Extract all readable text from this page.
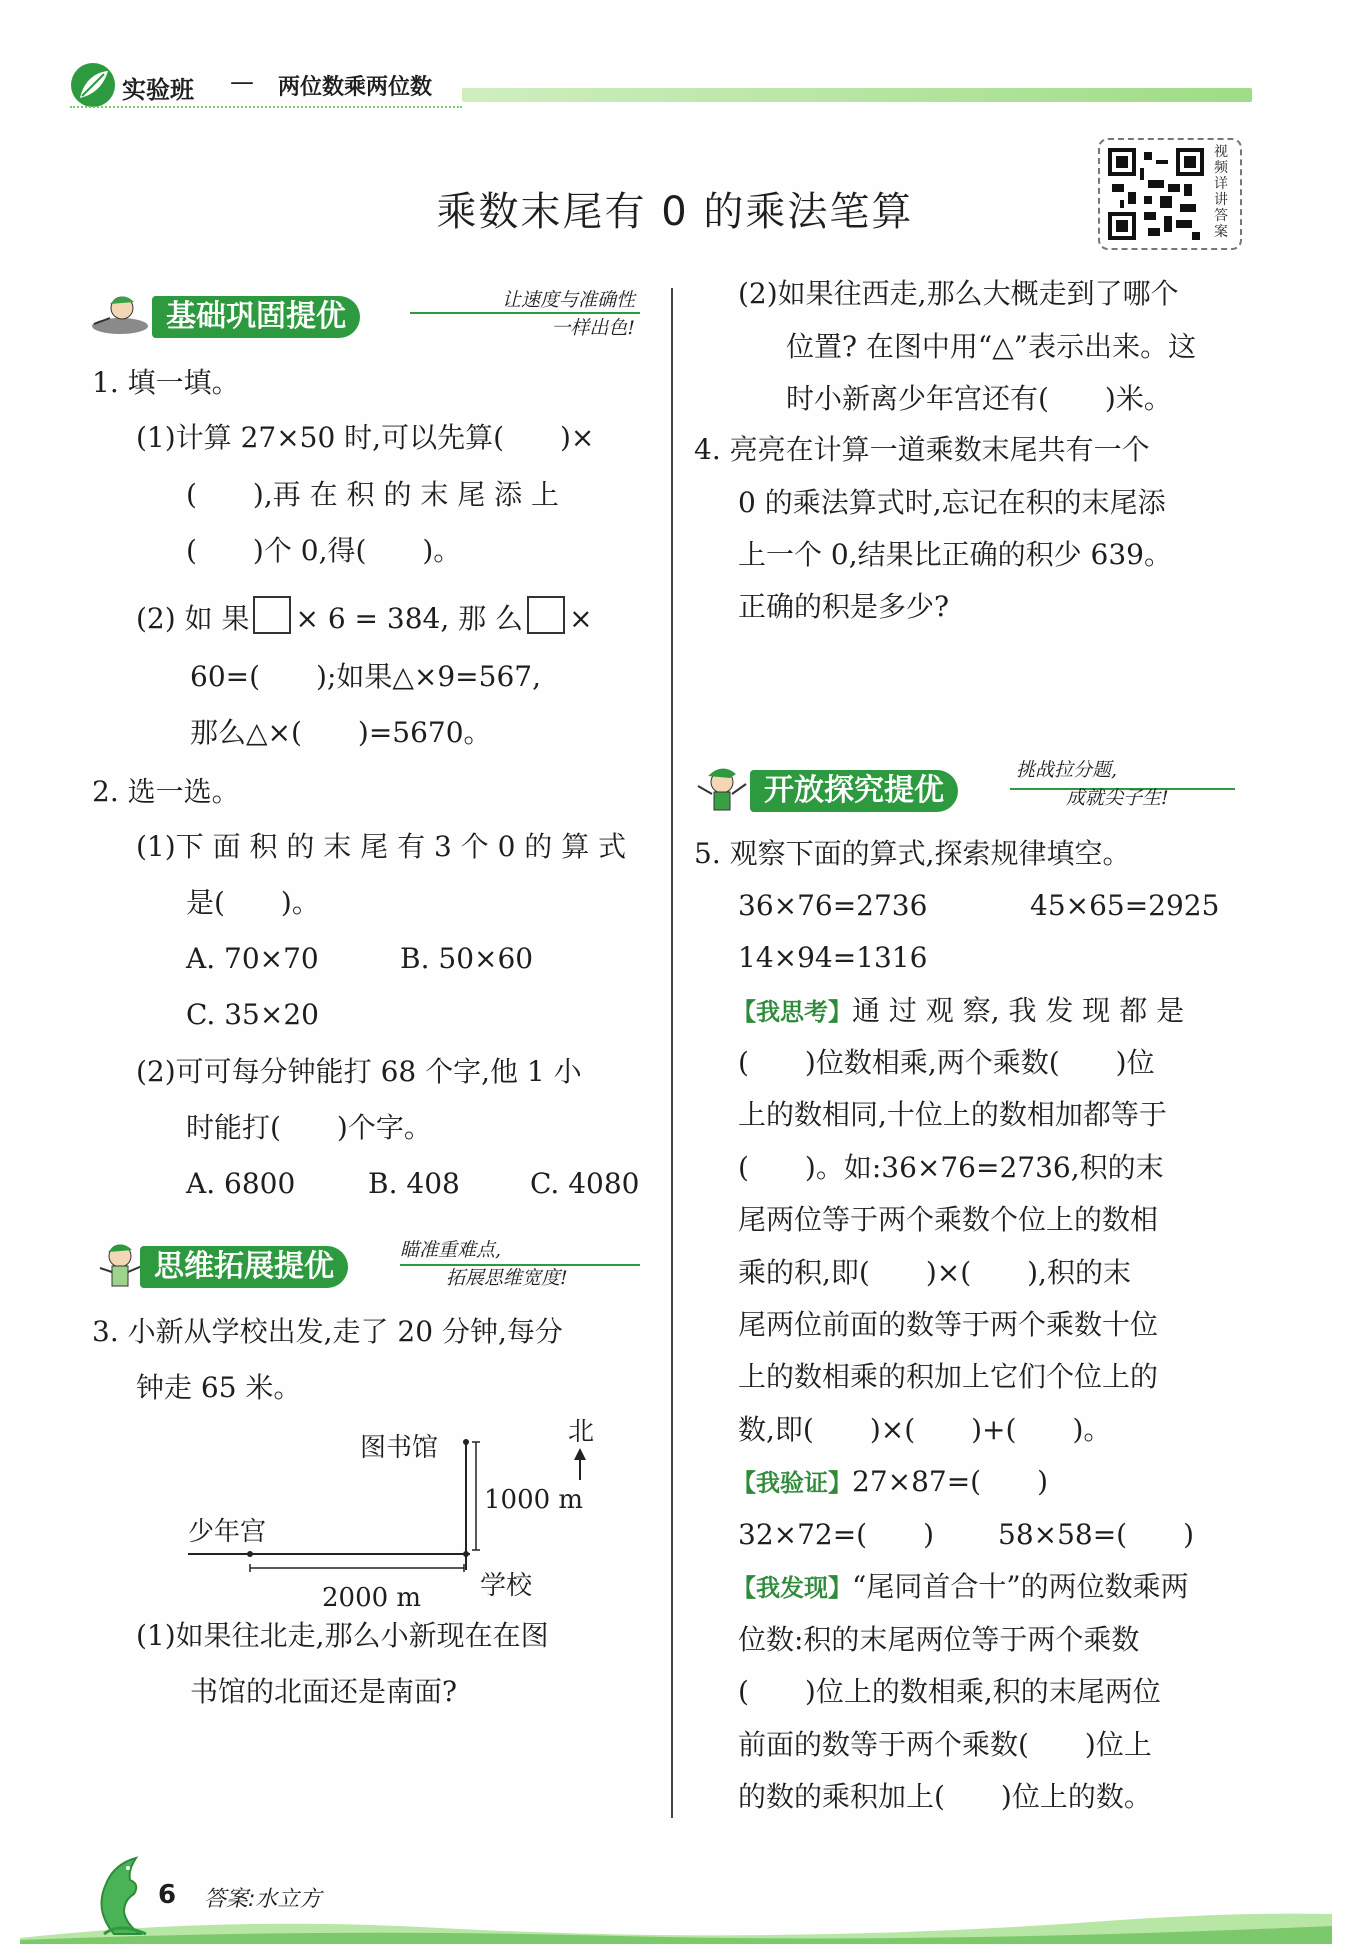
实验班 — 两位数乘两位数
乘数末尾有 0 的乘法笔算
视频详讲答案
基础巩固提优	让速度与准确性
一样出色!
1. 填一填。
(1)计算 27×50 时,可以先算(　　)×
(　　),再 在 积 的 末 尾 添 上
(　　)个 0,得(　　)。
(2) 如 果 × 6 = 384, 那 么 ×
60=(　　);如果△×9=567,
那么△×(　　)=5670。
2. 选一选。
(1)下 面 积 的 末 尾 有 3 个 0 的 算 式
是(　　)。
A. 70×70	B. 50×60
C. 35×20
(2)可可每分钟能打 68 个字,他 1 小
时能打(　　)个字。
A. 6800	B. 408	C. 4080
思维拓展提优	瞄准重难点,
拓展思维宽度!
3. 小新从学校出发,走了 20 分钟,每分
钟走 65 米。
图书馆
北
1000 m
少年宫
2000 m 学校
(1)如果往北走,那么小新现在在图
书馆的北面还是南面?
(2)如果往西走,那么大概走到了哪个
位置? 在图中用“△”表示出来。这
时小新离少年宫还有(　　)米。
4. 亮亮在计算一道乘数末尾共有一个
0 的乘法算式时,忘记在积的末尾添
上一个 0,结果比正确的积少 639。
正确的积是多少?
开放探究提优
挑战拉分题,
成就尖子生!
5. 观察下面的算式,探索规律填空。
36×76=2736	45×65=2925
14×94=1316
【我思考】通 过 观 察, 我 发 现 都 是
(　　)位数相乘,两个乘数(　　)位
上的数相同,十位上的数相加都等于
(　　)。如:36×76=2736,积的末
尾两位等于两个乘数个位上的数相
乘的积,即(　　)×(　　),积的末
尾两位前面的数等于两个乘数十位
上的数相乘的积加上它们个位上的
数,即(　　)×(　　)+(　　)。
【我验证】27×87=(　　)
32×72=(　　) 58×58=(　　)
【我发现】“尾同首合十”的两位数乘两
位数:积的末尾两位等于两个乘数
(　　)位上的数相乘,积的末尾两位
前面的数等于两个乘数(　　)位上
的数的乘积加上(　　)位上的数。
6 答案:水立方
